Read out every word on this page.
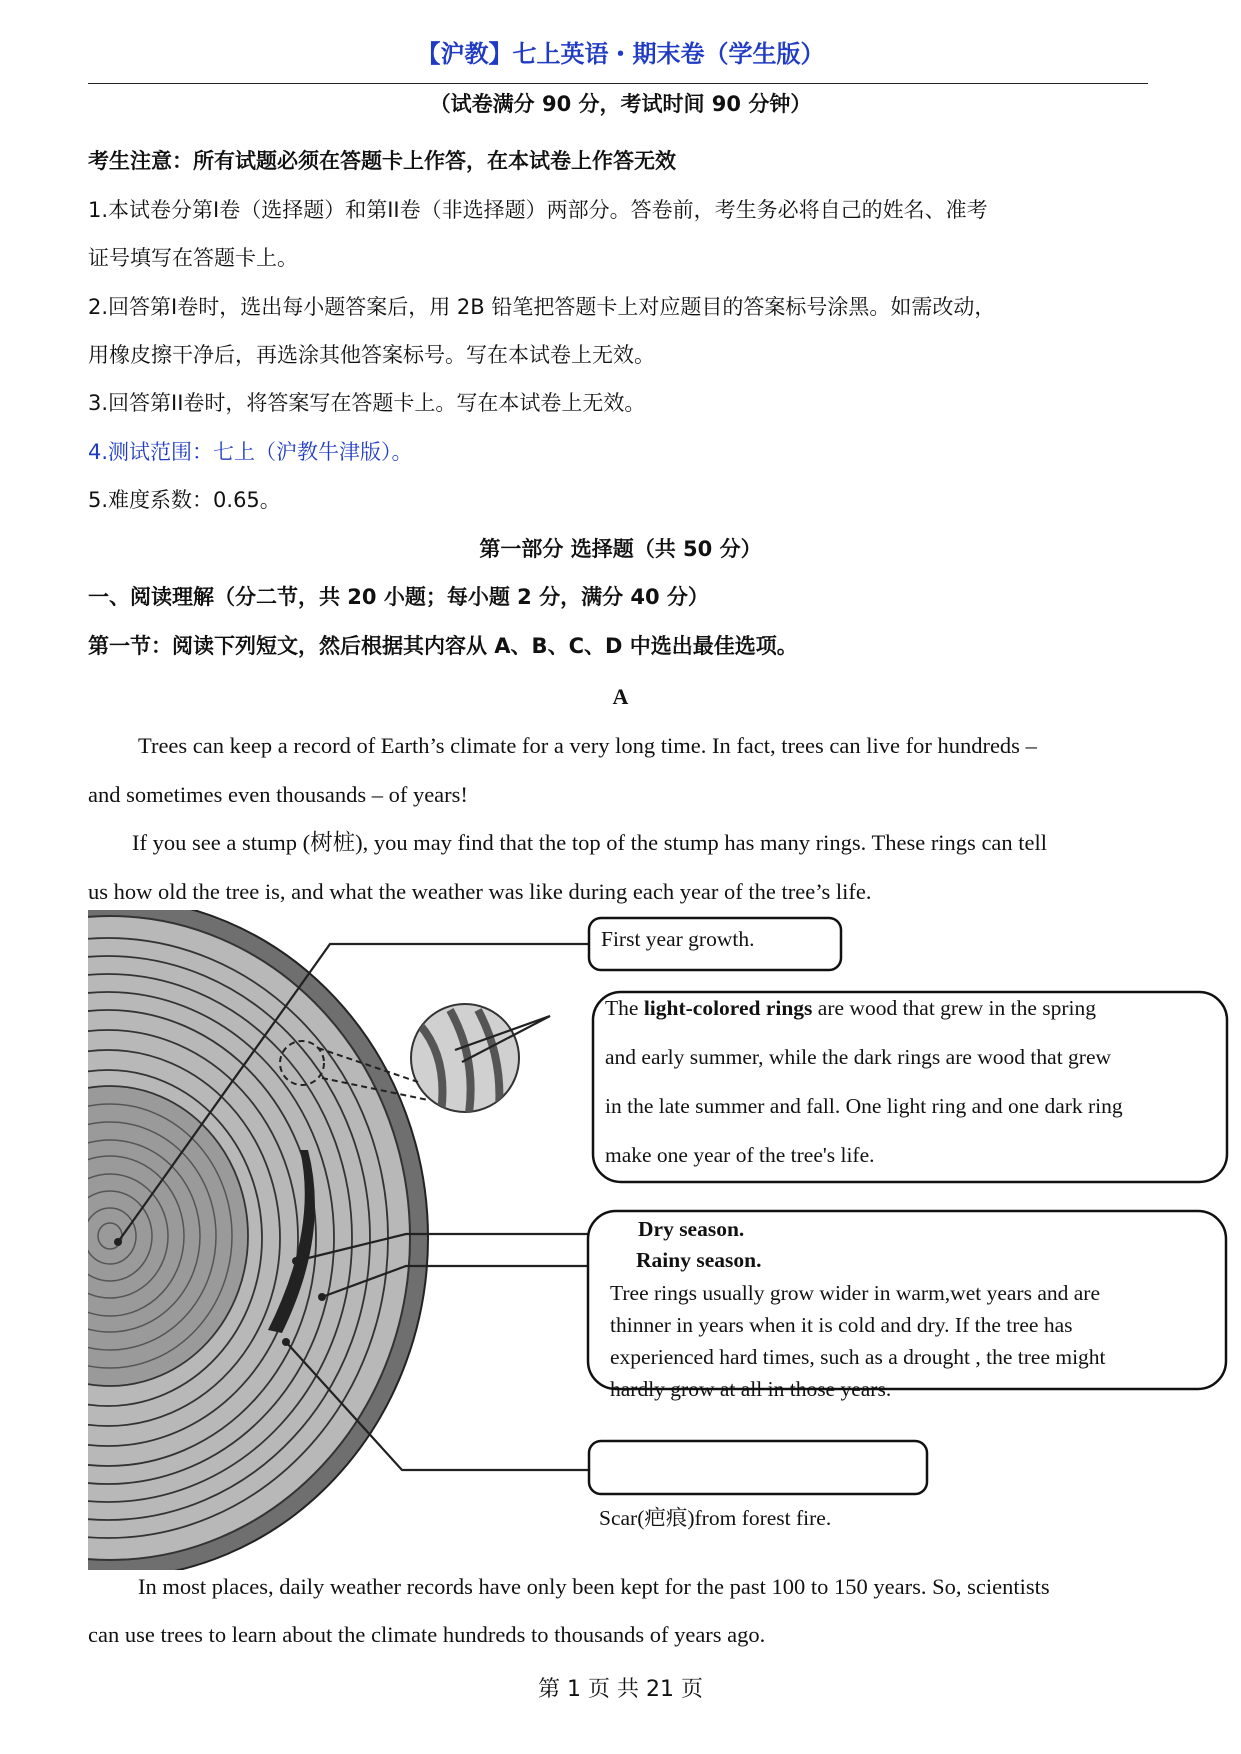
【沪教】七上英语・期末卷（学生版）
（试卷满分 90 分，考试时间 90 分钟）
考生注意：所有试题必须在答题卡上作答，在本试卷上作答无效
1.本试卷分第I卷（选择题）和第II卷（非选择题）两部分。答卷前，考生务必将自己的姓名、准考
证号填写在答题卡上。
2.回答第I卷时，选出每小题答案后，用 2B 铅笔把答题卡上对应题目的答案标号涂黑。如需改动，
用橡皮擦干净后，再选涂其他答案标号。写在本试卷上无效。
3.回答第II卷时，将答案写在答题卡上。写在本试卷上无效。
4.测试范围：七上（沪教牛津版）。
5.难度系数：0.65。
第一部分 选择题（共 50 分）
一、阅读理解（分二节，共 20 小题；每小题 2 分，满分 40 分）
第一节：阅读下列短文，然后根据其内容从 A、B、C、D 中选出最佳选项。
A
Trees can keep a record of Earth’s climate for a very long time. In fact, trees can live for hundreds –
and sometimes even thousands – of years!
If you see a stump (树桩), you may find that the top of the stump has many rings. These rings can tell
us how old the tree is, and what the weather was like during each year of the tree’s life.
First year growth.
The light-colored rings are wood that grew in the spring
and early summer, while the dark rings are wood that grew
in the late summer and fall. One light ring and one dark ring
make one year of the tree's life.
Dry season.
Rainy season.
Tree rings usually grow wider in warm,wet years and are
thinner in years when it is cold and dry. If the tree has
experienced hard times, such as a drought , the tree might
hardly grow at all in those years.
Scar(疤痕)from forest fire.
In most places, daily weather records have only been kept for the past 100 to 150 years. So, scientists
can use trees to learn about the climate hundreds to thousands of years ago.
第 1 页 共 21 页
